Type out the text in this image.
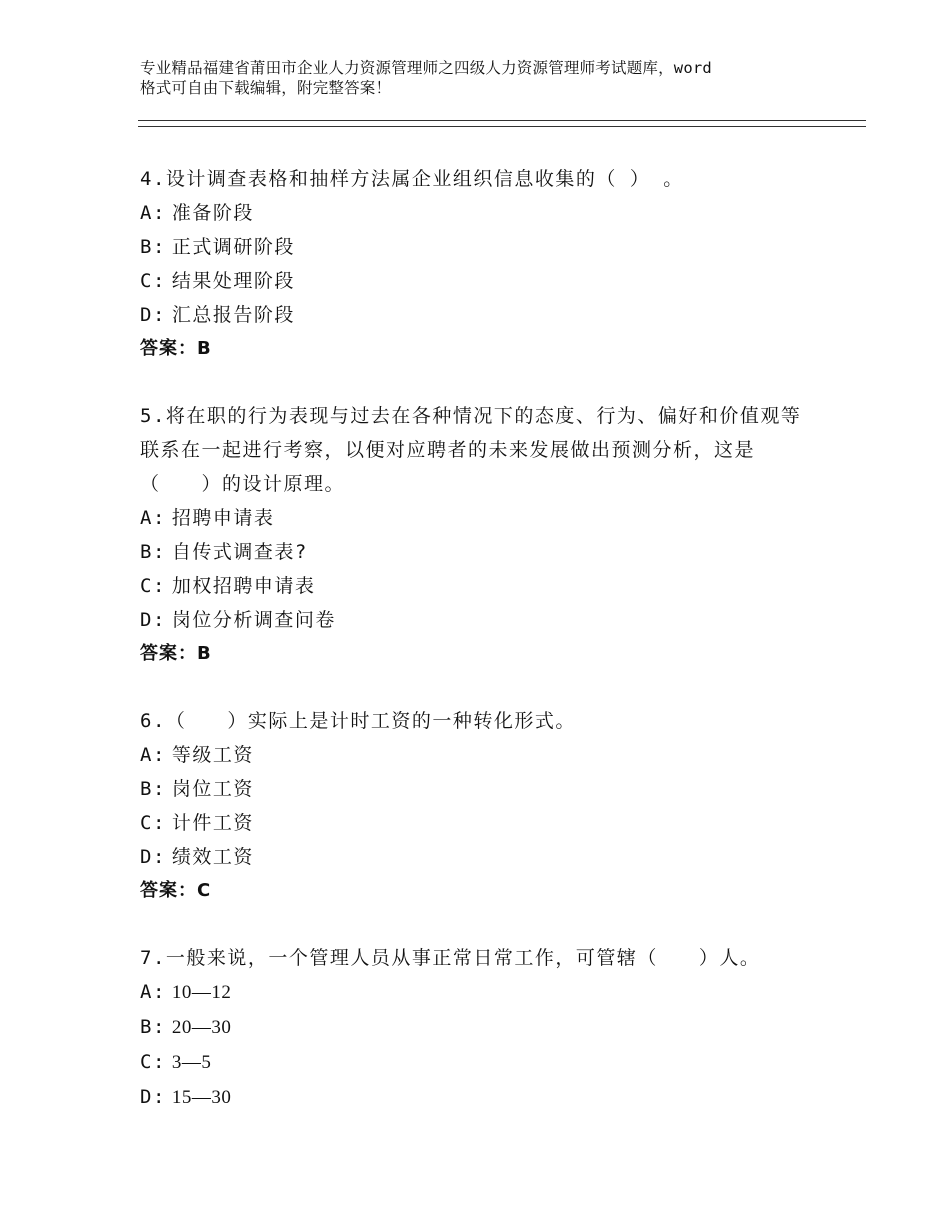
专业精品福建省莆田市企业人力资源管理师之四级人力资源管理师考试题库，word
格式可自由下载编辑，附完整答案！

4.设计调查表格和抽样方法属企业组织信息收集的（ ） 。

A: 准备阶段

B: 正式调研阶段

C: 结果处理阶段

D: 汇总报告阶段

答案：B

5.将在职的行为表现与过去在各种情况下的态度、行为、偏好和价值观等联系在一起进行考察，以便对应聘者的未来发展做出预测分析，这是（　　）的设计原理。

A: 招聘申请表

B: 自传式调查表?

C: 加权招聘申请表

D: 岗位分析调查问卷

答案：B

6.（　　）实际上是计时工资的一种转化形式。

A: 等级工资

B: 岗位工资

C: 计件工资

D: 绩效工资

答案：C

7.一般来说，一个管理人员从事正常日常工作，可管辖（　　）人。

A: 10—12

B: 20—30

C: 3—5

D: 15—30
